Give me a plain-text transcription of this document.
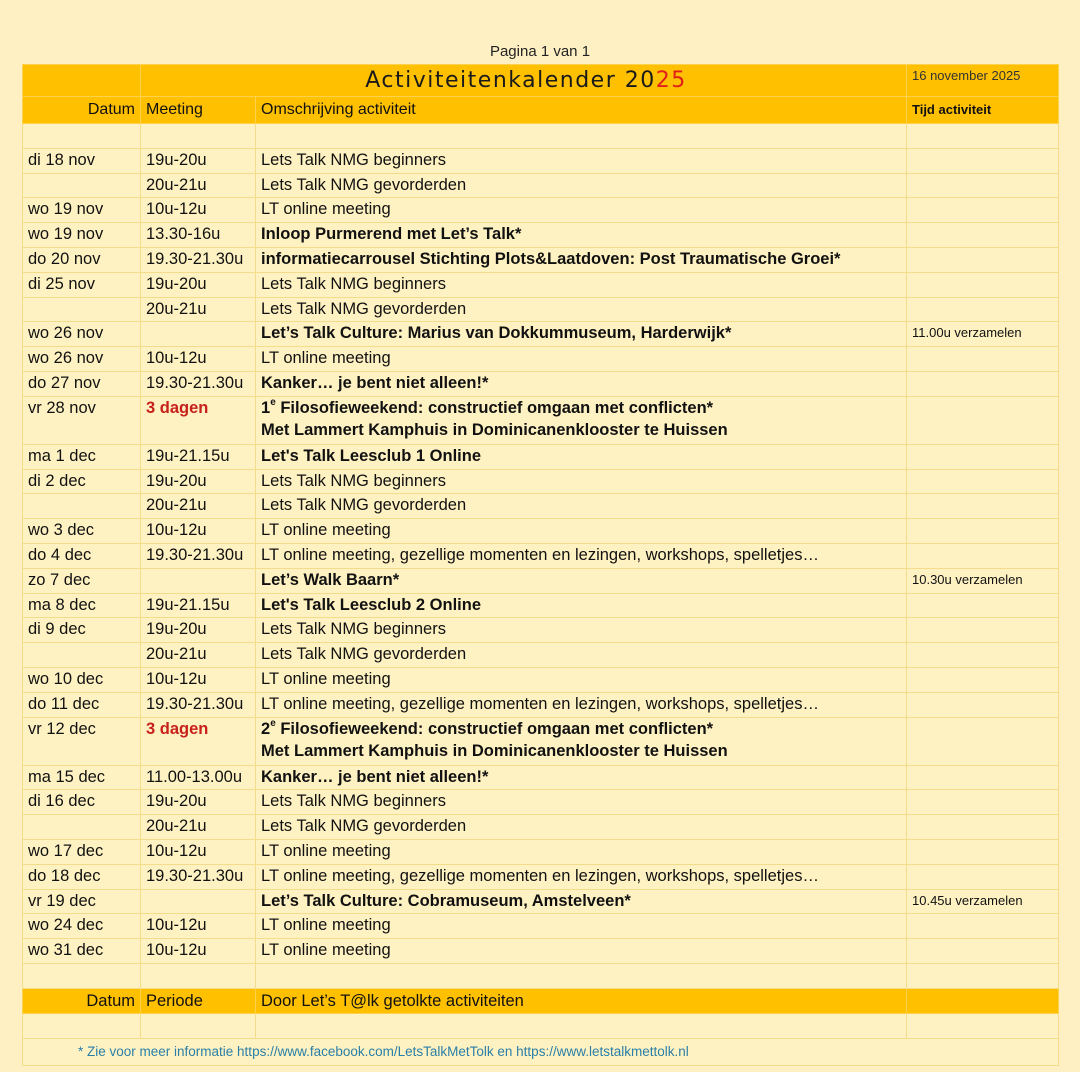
Pagina 1 van 1
	Activiteitenkalender 2025		16 november 2025
Datum	Meeting	Omschrijving activiteit	Tijd activiteit

di 18 nov	19u-20u	Lets Talk NMG beginners	
	20u-21u	Lets Talk NMG gevorderden	
wo 19 nov	10u-12u	LT online meeting	
wo 19 nov	13.30-16u	Inloop Purmerend met Let’s Talk*	
do 20 nov	19.30-21.30u	informatiecarrousel Stichting Plots&Laatdoven: Post Traumatische Groei*	
di 25 nov	19u-20u	Lets Talk NMG beginners	
	20u-21u	Lets Talk NMG gevorderden	
wo 26 nov		Let’s Talk Culture: Marius van Dokkummuseum, Harderwijk*	11.00u verzamelen
wo 26 nov	10u-12u	LT online meeting	
do 27 nov	19.30-21.30u	Kanker… je bent niet alleen!*	
vr 28 nov	3 dagen	1e Filosofieweekend: constructief omgaan met conflicten*
Met Lammert Kamphuis in Dominicanenklooster te Huissen	
ma 1 dec	19u-21.15u	Let's Talk Leesclub 1 Online	
di 2 dec	19u-20u	Lets Talk NMG beginners	
	20u-21u	Lets Talk NMG gevorderden	
wo 3 dec	10u-12u	LT online meeting	
do 4 dec	19.30-21.30u	LT online meeting, gezellige momenten en lezingen, workshops, spelletjes…	
zo 7 dec		Let’s Walk Baarn*	10.30u verzamelen
ma 8 dec	19u-21.15u	Let's Talk Leesclub 2 Online	
di 9 dec	19u-20u	Lets Talk NMG beginners	
	20u-21u	Lets Talk NMG gevorderden	
wo 10 dec	10u-12u	LT online meeting	
do 11 dec	19.30-21.30u	LT online meeting, gezellige momenten en lezingen, workshops, spelletjes…	
vr 12 dec	3 dagen	2e Filosofieweekend: constructief omgaan met conflicten*
Met Lammert Kamphuis in Dominicanenklooster te Huissen	
ma 15 dec	11.00-13.00u	Kanker… je bent niet alleen!*	
di 16 dec	19u-20u	Lets Talk NMG beginners	
	20u-21u	Lets Talk NMG gevorderden	
wo 17 dec	10u-12u	LT online meeting	
do 18 dec	19.30-21.30u	LT online meeting, gezellige momenten en lezingen, workshops, spelletjes…	
vr 19 dec		Let’s Talk Culture: Cobramuseum, Amstelveen*	10.45u verzamelen
wo 24 dec	10u-12u	LT online meeting	
wo 31 dec	10u-12u	LT online meeting	

Datum	Periode	Door Let’s T@lk getolkte activiteiten	

* Zie voor meer informatie https://www.facebook.com/LetsTalkMetTolk en https://www.letstalkmettolk.nl			
